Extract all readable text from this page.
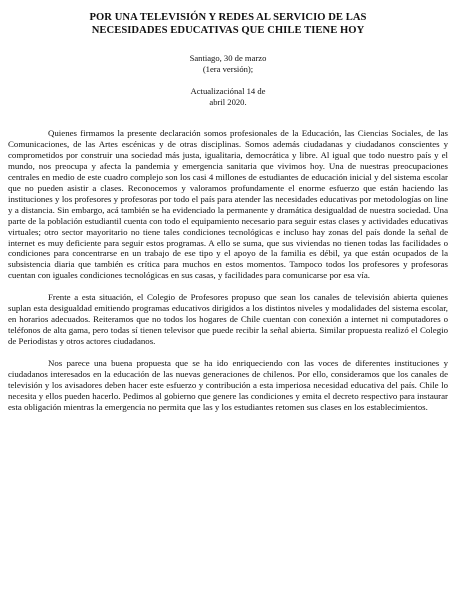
POR UNA TELEVISIÓN Y REDES AL SERVICIO DE LAS

NECESIDADES EDUCATIVAS QUE CHILE TIENE HOY

Santiago, 30 de marzo

(1era versión);

Actualizaciónal 14 de

abril 2020.

Quienes firmamos la presente declaración somos profesionales de la Educación, las Ciencias Sociales, de las Comunicaciones, de las Artes escénicas y de otras disciplinas. Somos además ciudadanas y ciudadanos conscientes y comprometidos por construir una sociedad más justa, igualitaria, democrática y libre. Al igual que todo nuestro país y el mundo, nos preocupa y afecta la pandemia y emergencia sanitaria que vivimos hoy. Una de nuestras preocupaciones centrales en medio de este cuadro complejo son los casi 4 millones de estudiantes de educación inicial y del sistema escolar que no pueden asistir a clases. Reconocemos y valoramos profundamente el enorme esfuerzo que están haciendo las instituciones y los profesores y profesoras por todo el país para atender las necesidades educativas por metodologías on line y a distancia. Sin embargo, acá también se ha evidenciado la permanente y dramática desigualdad de nuestra sociedad. Una parte de la población estudiantil cuenta con todo el equipamiento necesario para seguir estas clases y actividades educativas virtuales; otro sector mayoritario no tiene tales condiciones tecnológicas e incluso hay zonas del país donde la señal de internet es muy deficiente para seguir estos programas. A ello se suma, que sus viviendas no tienen todas las facilidades o condiciones para concentrarse en un trabajo de ese tipo y el apoyo de la familia es débil, ya que están ocupados de la subsistencia diaria que también es crítica para muchos en estos momentos. Tampoco todos los profesores y profesoras cuentan con iguales condiciones tecnológicas en sus casas, y facilidades para comunicarse por esa vía.

Frente a esta situación, el Colegio de Profesores propuso que sean los canales de televisión abierta quienes suplan esta desigualdad emitiendo programas educativos dirigidos a los distintos niveles y modalidades del sistema escolar, en horarios adecuados. Reiteramos que no todos los hogares de Chile cuentan con conexión a internet ni computadores o teléfonos de alta gama, pero todas sí tienen televisor que puede recibir la señal abierta. Similar propuesta realizó el Colegio de Periodistas y otros actores ciudadanos.

Nos parece una buena propuesta que se ha ido enriqueciendo con las voces de diferentes instituciones y ciudadanos interesados en la educación de las nuevas generaciones de chilenos. Por ello, consideramos que los canales de televisión y los avisadores deben hacer este esfuerzo y contribución a esta imperiosa necesidad educativa del país. Chile lo necesita y ellos pueden hacerlo. Pedimos al gobierno que genere las condiciones y emita el decreto respectivo para instaurar esta obligación mientras la emergencia no permita que las y los estudiantes retomen sus clases en los establecimientos.
